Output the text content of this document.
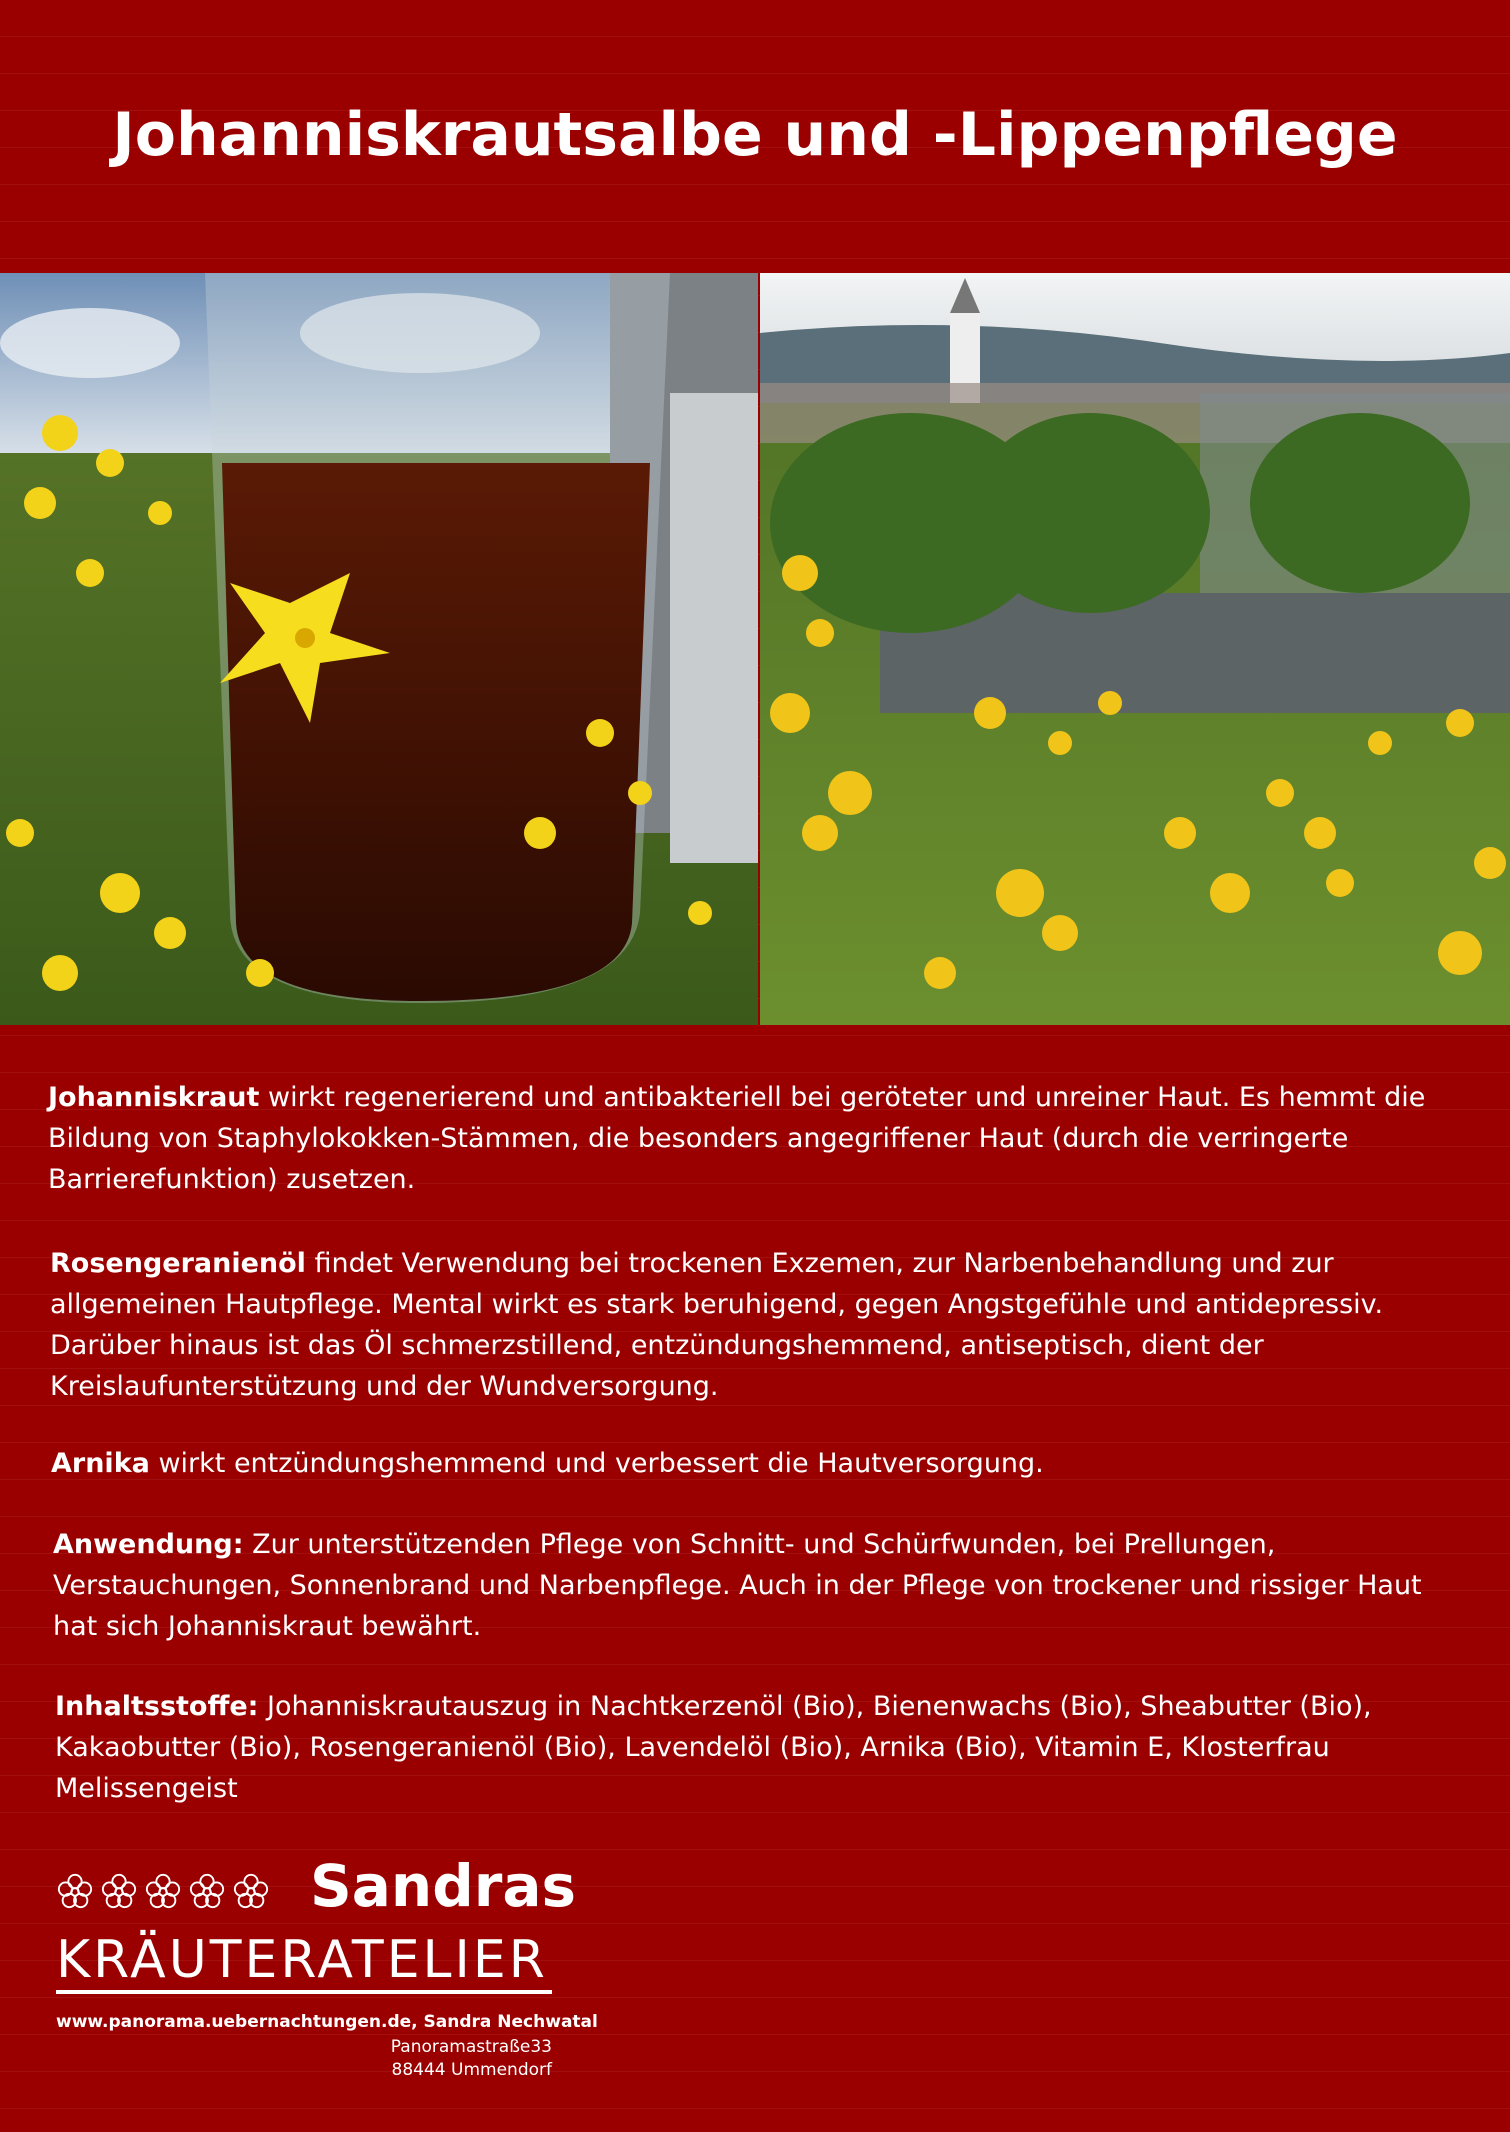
Johanniskrautsalbe und -Lippenpflege

Johanniskraut wirkt regenerierend und antibakteriell bei geröteter und unreiner Haut. Es hemmt die Bildung von Staphylokokken-Stämmen, die besonders angegriffener Haut (durch die verringerte Barrierefunktion) zusetzen.

Rosengeranienöl findet Verwendung bei trockenen Exzemen, zur Narbenbehandlung und zur allgemeinen Hautpflege. Mental wirkt es stark beruhigend, gegen Angstgefühle und antidepressiv. Darüber hinaus ist das Öl schmerzstillend, entzündungshemmend, antiseptisch, dient der Kreislaufunterstützung und der Wundversorgung.

Arnika wirkt entzündungshemmend und verbessert die Hautversorgung.

Anwendung: Zur unterstützenden Pflege von Schnitt- und Schürfwunden, bei Prellungen, Verstauchungen, Sonnenbrand und Narbenpflege. Auch in der Pflege von trockener und rissiger Haut hat sich Johanniskraut bewährt.

Inhaltsstoffe: Johanniskrautauszug in Nachtkerzenöl (Bio), Bienenwachs (Bio), Sheabutter (Bio), Kakaobutter (Bio), Rosengeranienöl (Bio), Lavendelöl (Bio), Arnika (Bio), Vitamin E, Klosterfrau Melissengeist

Sandras
KRÄUTERATELIER
www.panorama.uebernachtungen.de, Sandra Nechwatal
Panoramastraße33
88444 Ummendorf
